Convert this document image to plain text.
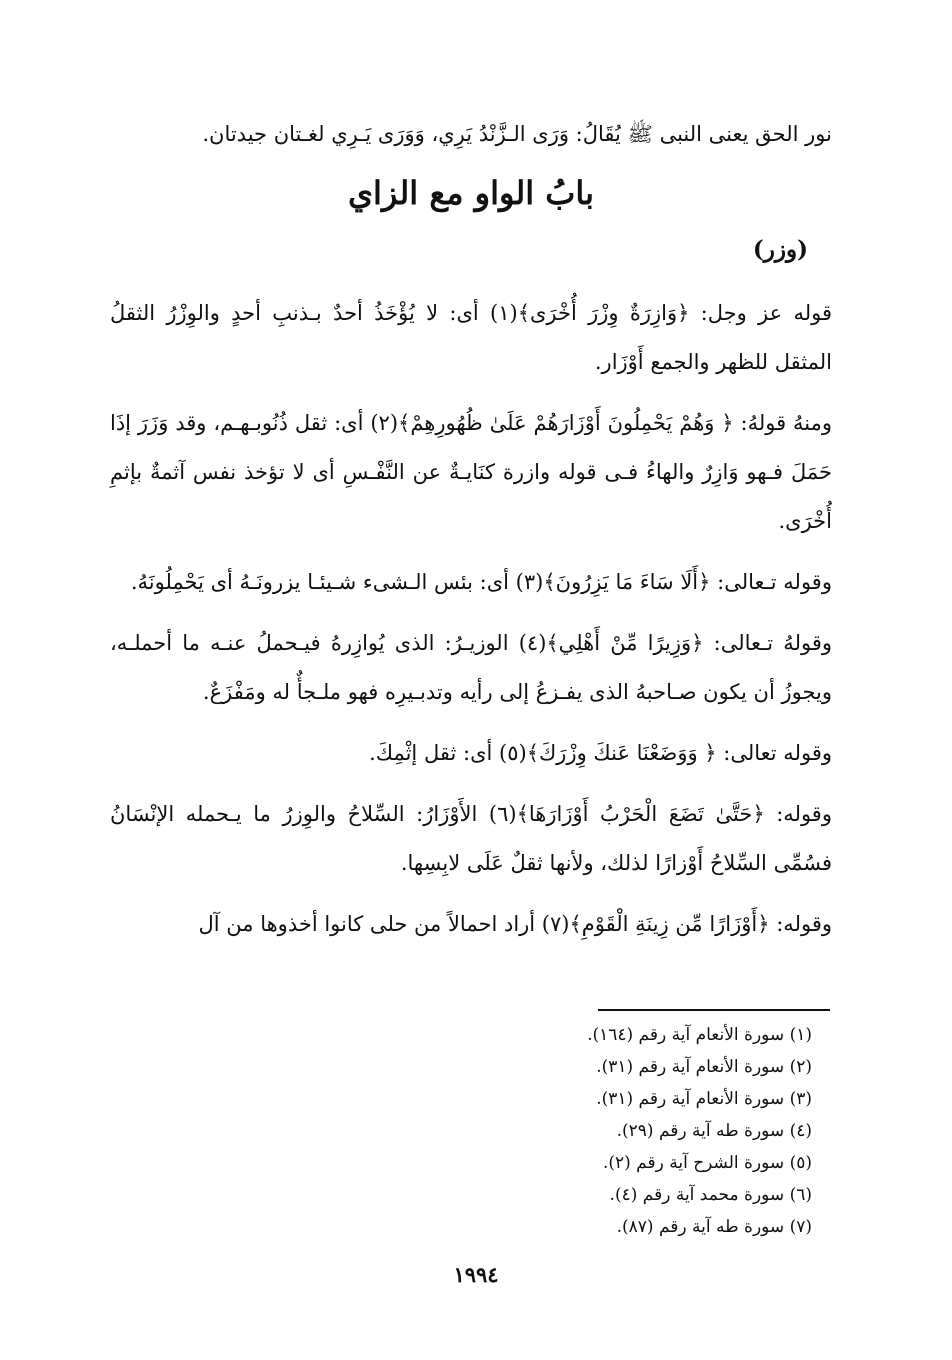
نور الحق يعنى النبى ﷺ يُقَالُ: وَرَى الـزَّنْدُ يَرِي، وَوَرَى يَـرِي لغـتان جيدتان.

بابُ الواو مع الزاي
(وزر)

قوله عز وجل: ﴿وَازِرَةٌ وِزْرَ أُخْرَى﴾(١) أى: لا يُؤْخَذُ أحدٌ بـذنبِ أحدٍ والوِزْرُ الثقلُ المثقل للظهر والجمع أَوْزَار.

ومنهُ قولهُ: ﴿ وَهُمْ يَحْمِلُونَ أَوْزَارَهُمْ عَلَىٰ ظُهُورِهِمْ﴾(٢) أى: ثقل ذُنُوبـهـم، وقد وَزَرَ إذَا حَمَلَ فـهو وَازِرٌ والهاءُ فـى قوله وازرة كنَايـةٌ عن النَّفْـسِ أى لا تؤخذ نفس آثمةٌ بإثمِ أُخْرَى.

وقوله تـعالى: ﴿أَلَا سَاءَ مَا يَزِرُونَ﴾(٣) أى: بئس الـشىء شـيئـا يزرونَـهُ أى يَحْمِلُونَهُ.

وقولهُ تـعالى: ﴿وَزِيرًا مِّنْ أَهْلِي﴾(٤) الوزيـرُ: الذى يُوازِرهُ فيـحملُ عنـه ما أحملـه، ويجوزُ أن يكون صـاحبهُ الذى يفـزعُ إلى رأيه وتدبـيرِه فهو ملـجأٌ له ومَفْزَعٌ.

وقوله تعالى: ﴿ وَوَضَعْنَا عَنكَ وِزْرَكَ﴾(٥) أى: ثقل إثْمِكَ.

وقوله: ﴿حَتَّىٰ تَضَعَ الْحَرْبُ أَوْزَارَهَا﴾(٦) الأَوْزَارُ: السِّلاحُ والوِزرُ ما يـحمله الإنْسَانُ فسُمِّى السِّلاحُ أَوْزارًا لذلك، ولأنها ثقلٌ عَلَى لابِسِها.

وقوله: ﴿أَوْزَارًا مِّن زِينَةِ الْقَوْمِ﴾(٧) أراد احمالاً من حلى كانوا أخذوها من آل

(١) سورة الأنعام آية رقم (١٦٤).
(٢) سورة الأنعام آية رقم (٣١).
(٣) سورة الأنعام آية رقم (٣١).
(٤) سورة طه آية رقم (٢٩).
(٥) سورة الشرح آية رقم (٢).
(٦) سورة محمد آية رقم (٤).
(٧) سورة طه آية رقم (٨٧).
١٩٩٤
